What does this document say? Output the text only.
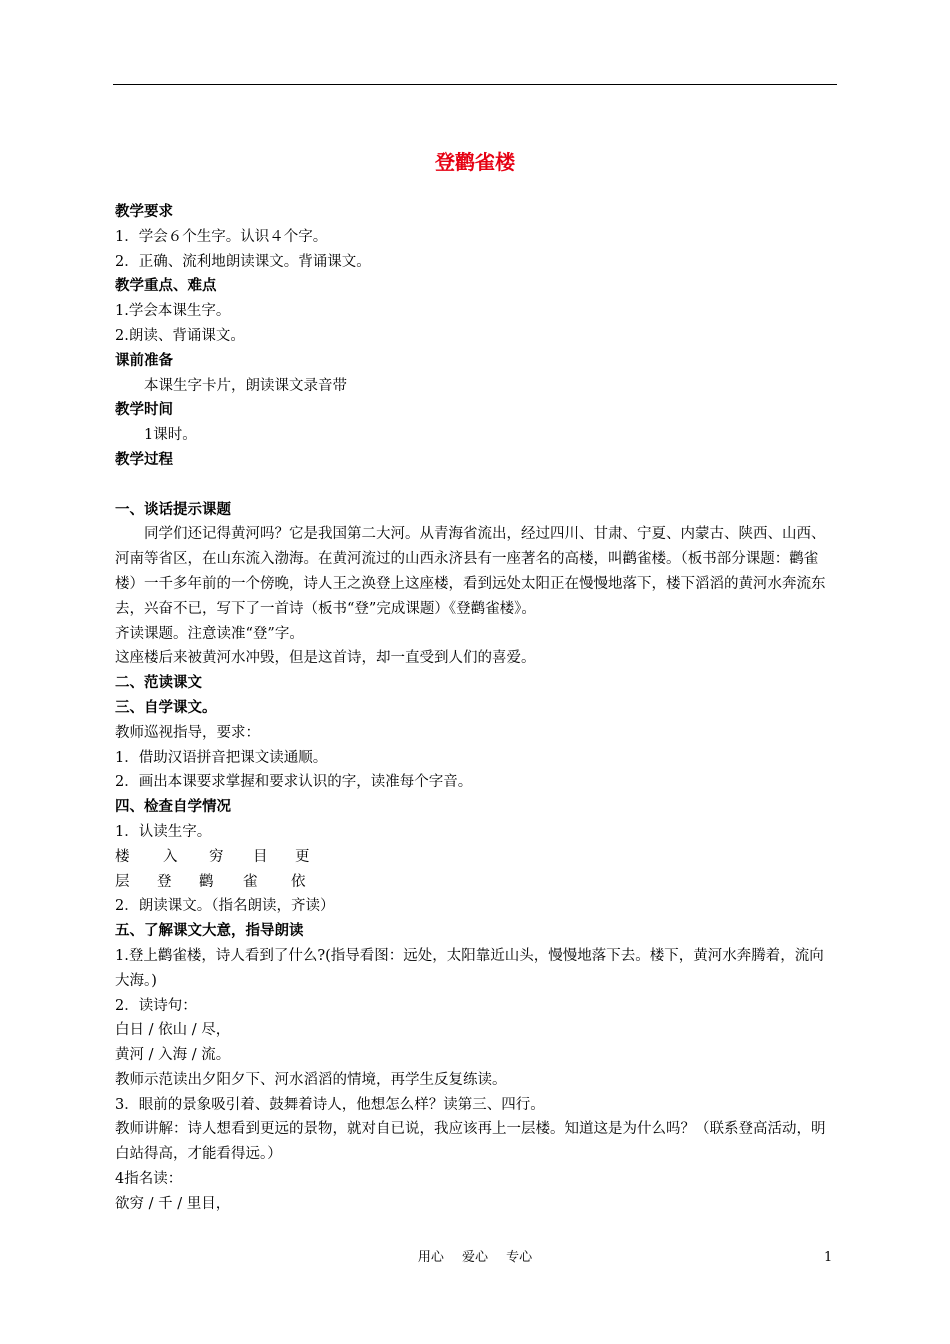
登鹳雀楼

教学要求

1．学会６个生字。认识４个字。

2．正确、流利地朗读课文。背诵课文。

教学重点、难点

1.学会本课生字。

2.朗读、背诵课文。

课前准备

本课生字卡片，朗读课文录音带

教学时间

1课时。

教学过程

一、谈话提示课题

同学们还记得黄河吗？它是我国第二大河。从青海省流出，经过四川、甘肃、宁夏、内蒙古、陕西、山西、河南等省区，在山东流入渤海。在黄河流过的山西永济县有一座著名的高楼，叫鹳雀楼。（板书部分课题：鹳雀楼）一千多年前的一个傍晚，诗人王之涣登上这座楼，看到远处太阳正在慢慢地落下，楼下滔滔的黄河水奔流东去，兴奋不已，写下了一首诗（板书“登”完成课题）《登鹳雀楼》。

齐读课题。注意读准“登”字。

这座楼后来被黄河水冲毁，但是这首诗，却一直受到人们的喜爱。

二、范读课文

三、自学课文。

教师巡视指导，要求：

1．借助汉语拼音把课文读通顺。

2．画出本课要求掌握和要求认识的字，读准每个字音。

四、检查自学情况

1．认读生字。

楼 入 穷 目 更

层 登 鹳 雀 依

2．朗读课文。（指名朗读，齐读）

五、了解课文大意，指导朗读

1.登上鹳雀楼，诗人看到了什么?(指导看图：远处，太阳靠近山头，慢慢地落下去。楼下，黄河水奔腾着，流向大海。)

2．读诗句：

白日 / 依山 / 尽，

黄河 / 入海 / 流。

教师示范读出夕阳夕下、河水滔滔的情境，再学生反复练读。

3．眼前的景象吸引着、鼓舞着诗人，他想怎么样？读第三、四行。

教师讲解：诗人想看到更远的景物，就对自已说，我应该再上一层楼。知道这是为什么吗？（联系登高活动，明白站得高，才能看得远。）

4指名读：

欲穷 / 千 / 里目，

用心 爱心 专心	1
